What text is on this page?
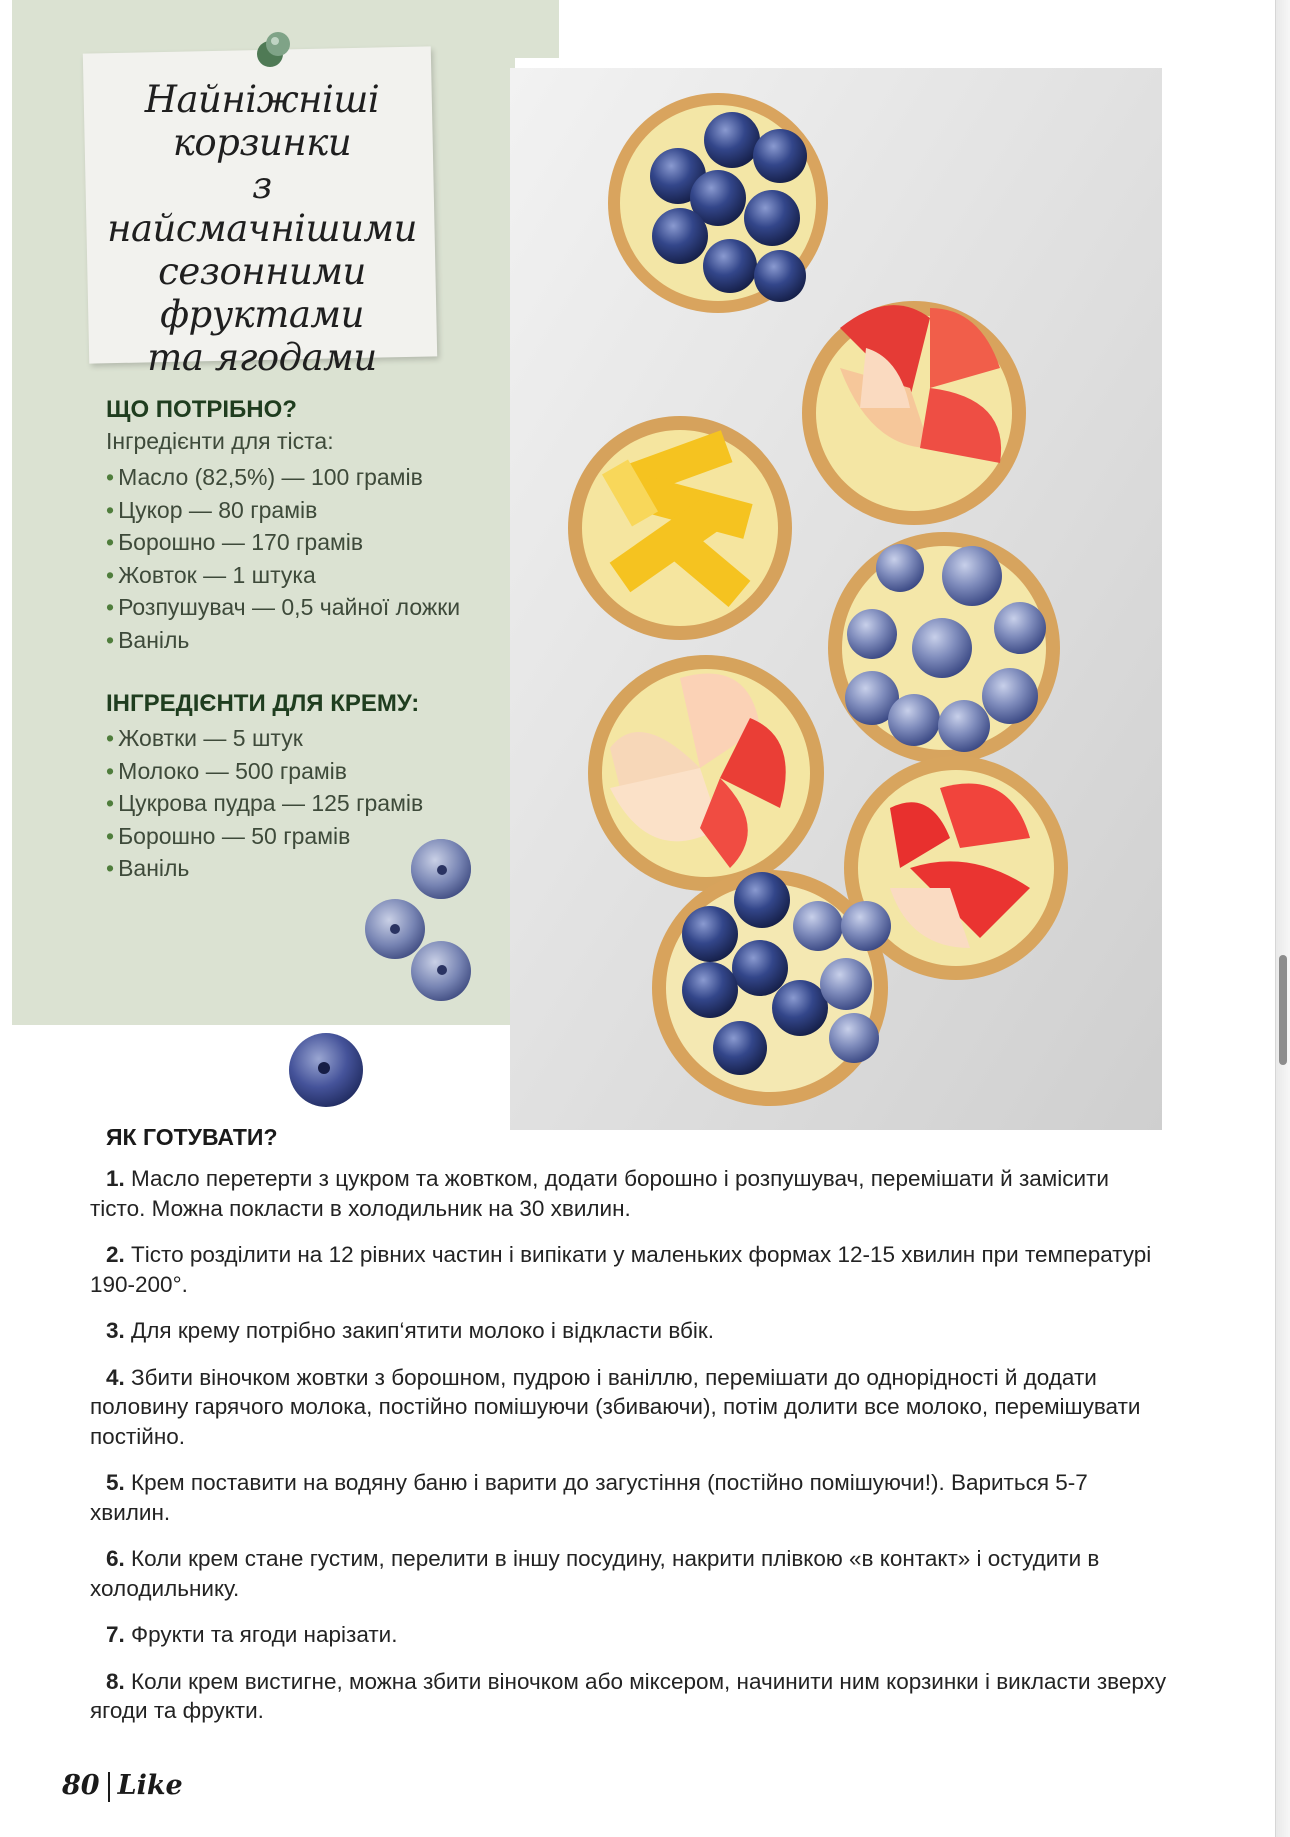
Найніжніші
корзинки
з найсмачнішими
сезонними
фруктами
та ягодами

ЩО ПОТРІБНО?

Інгредієнти для тіста:

• Масло (82,5%) — 100 грамів
• Цукор — 80 грамів
• Борошно — 170 грамів
• Жовток — 1 штука
• Розпушувач — 0,5 чайної ложки
• Ваніль

ІНГРЕДІЄНТИ ДЛЯ КРЕМУ:

• Жовтки — 5 штук
• Молоко — 500 грамів
• Цукрова пудра — 125 грамів
• Борошно — 50 грамів
• Ваніль
ЯК ГОТУВАТИ?

1. Масло перетерти з цукром та жовтком, додати борошно і розпушувач, перемішати й замісити тісто. Можна покласти в холодильник на 30 хвилин.

2. Тісто розділити на 12 рівних частин і випікати у маленьких формах 12-15 хвилин при температурі 190-200°.

3. Для крему потрібно закип‘ятити молоко і відкласти вбік.

4. Збити віночком жовтки з борошном, пудрою і ваніллю, перемішати до однорідності й додати половину гарячого молока, постійно помішуючи (збиваючи), потім долити все молоко, перемішувати постійно.

5. Крем поставити на водяну баню і варити до загустіння (постійно помішуючи!). Вариться 5-7 хвилин.

6. Коли крем стане густим, перелити в іншу посудину, накрити плівкою «в контакт» і остудити в холодильнику.

7. Фрукти та ягоди нарізати.

8. Коли крем вистигне, можна збити віночком або міксером, начинити ним корзинки і викласти зверху ягоди та фрукти.

80 Like
